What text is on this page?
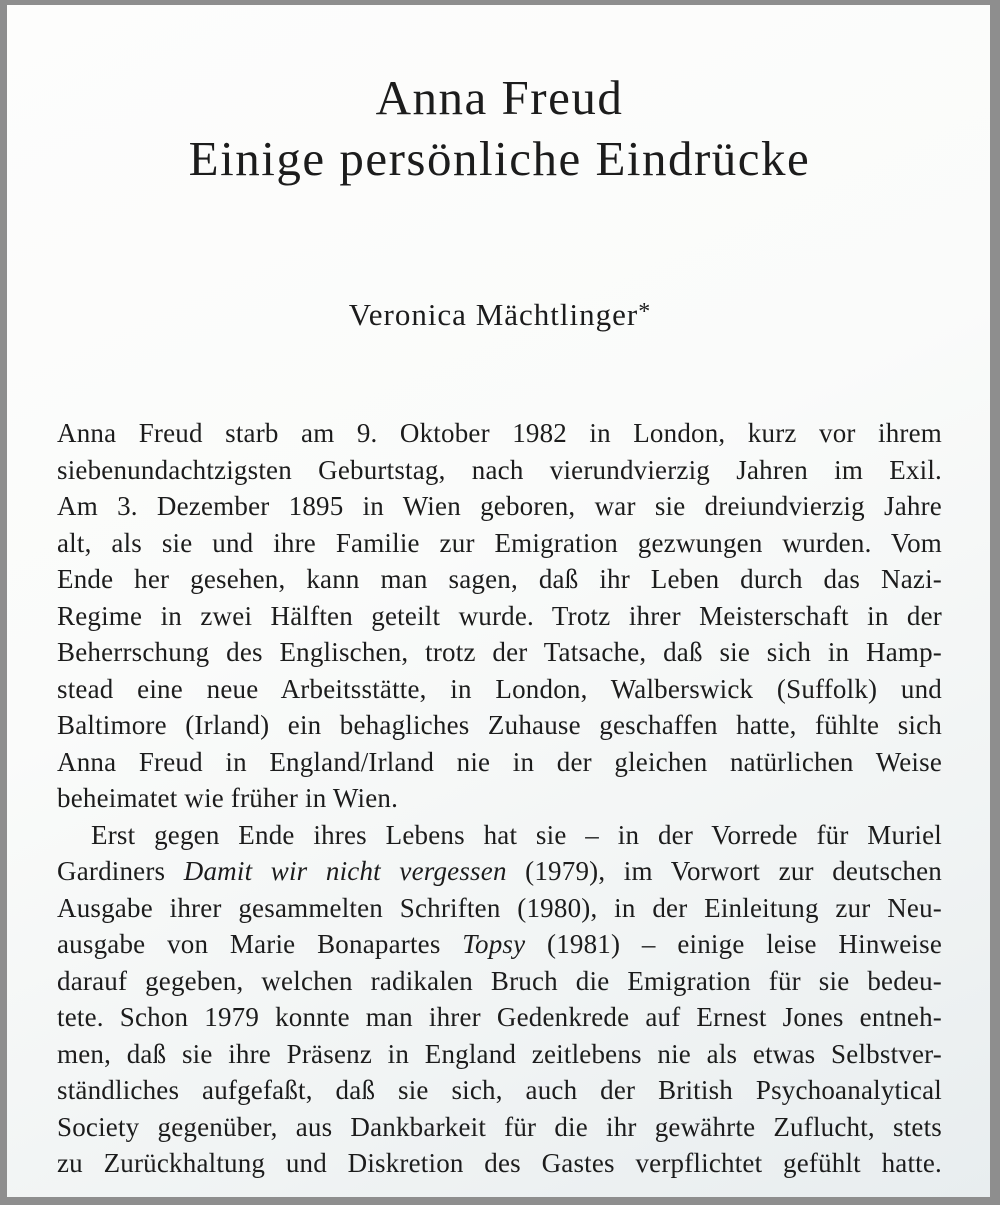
Anna Freud
Einige persönliche Eindrücke
Veronica Mächtlinger*
Anna Freud starb am 9. Oktober 1982 in London, kurz vor ihrem
siebenundachtzigsten Geburtstag, nach vierundvierzig Jahren im Exil.
Am 3. Dezember 1895 in Wien geboren, war sie dreiundvierzig Jahre
alt, als sie und ihre Familie zur Emigration gezwungen wurden. Vom
Ende her gesehen, kann man sagen, daß ihr Leben durch das Nazi-
Regime in zwei Hälften geteilt wurde. Trotz ihrer Meisterschaft in der
Beherrschung des Englischen, trotz der Tatsache, daß sie sich in Hamp-
stead eine neue Arbeitsstätte, in London, Walberswick (Suffolk) und
Baltimore (Irland) ein behagliches Zuhause geschaffen hatte, fühlte sich
Anna Freud in England/Irland nie in der gleichen natürlichen Weise
beheimatet wie früher in Wien.
Erst gegen Ende ihres Lebens hat sie – in der Vorrede für Muriel
Gardiners Damit wir nicht vergessen (1979), im Vorwort zur deutschen
Ausgabe ihrer gesammelten Schriften (1980), in der Einleitung zur Neu-
ausgabe von Marie Bonapartes Topsy (1981) – einige leise Hinweise
darauf gegeben, welchen radikalen Bruch die Emigration für sie bedeu-
tete. Schon 1979 konnte man ihrer Gedenkrede auf Ernest Jones entneh-
men, daß sie ihre Präsenz in England zeitlebens nie als etwas Selbstver-
ständliches aufgefaßt, daß sie sich, auch der British Psychoanalytical
Society gegenüber, aus Dankbarkeit für die ihr gewährte Zuflucht, stets
zu Zurückhaltung und Diskretion des Gastes verpflichtet gefühlt hatte.
